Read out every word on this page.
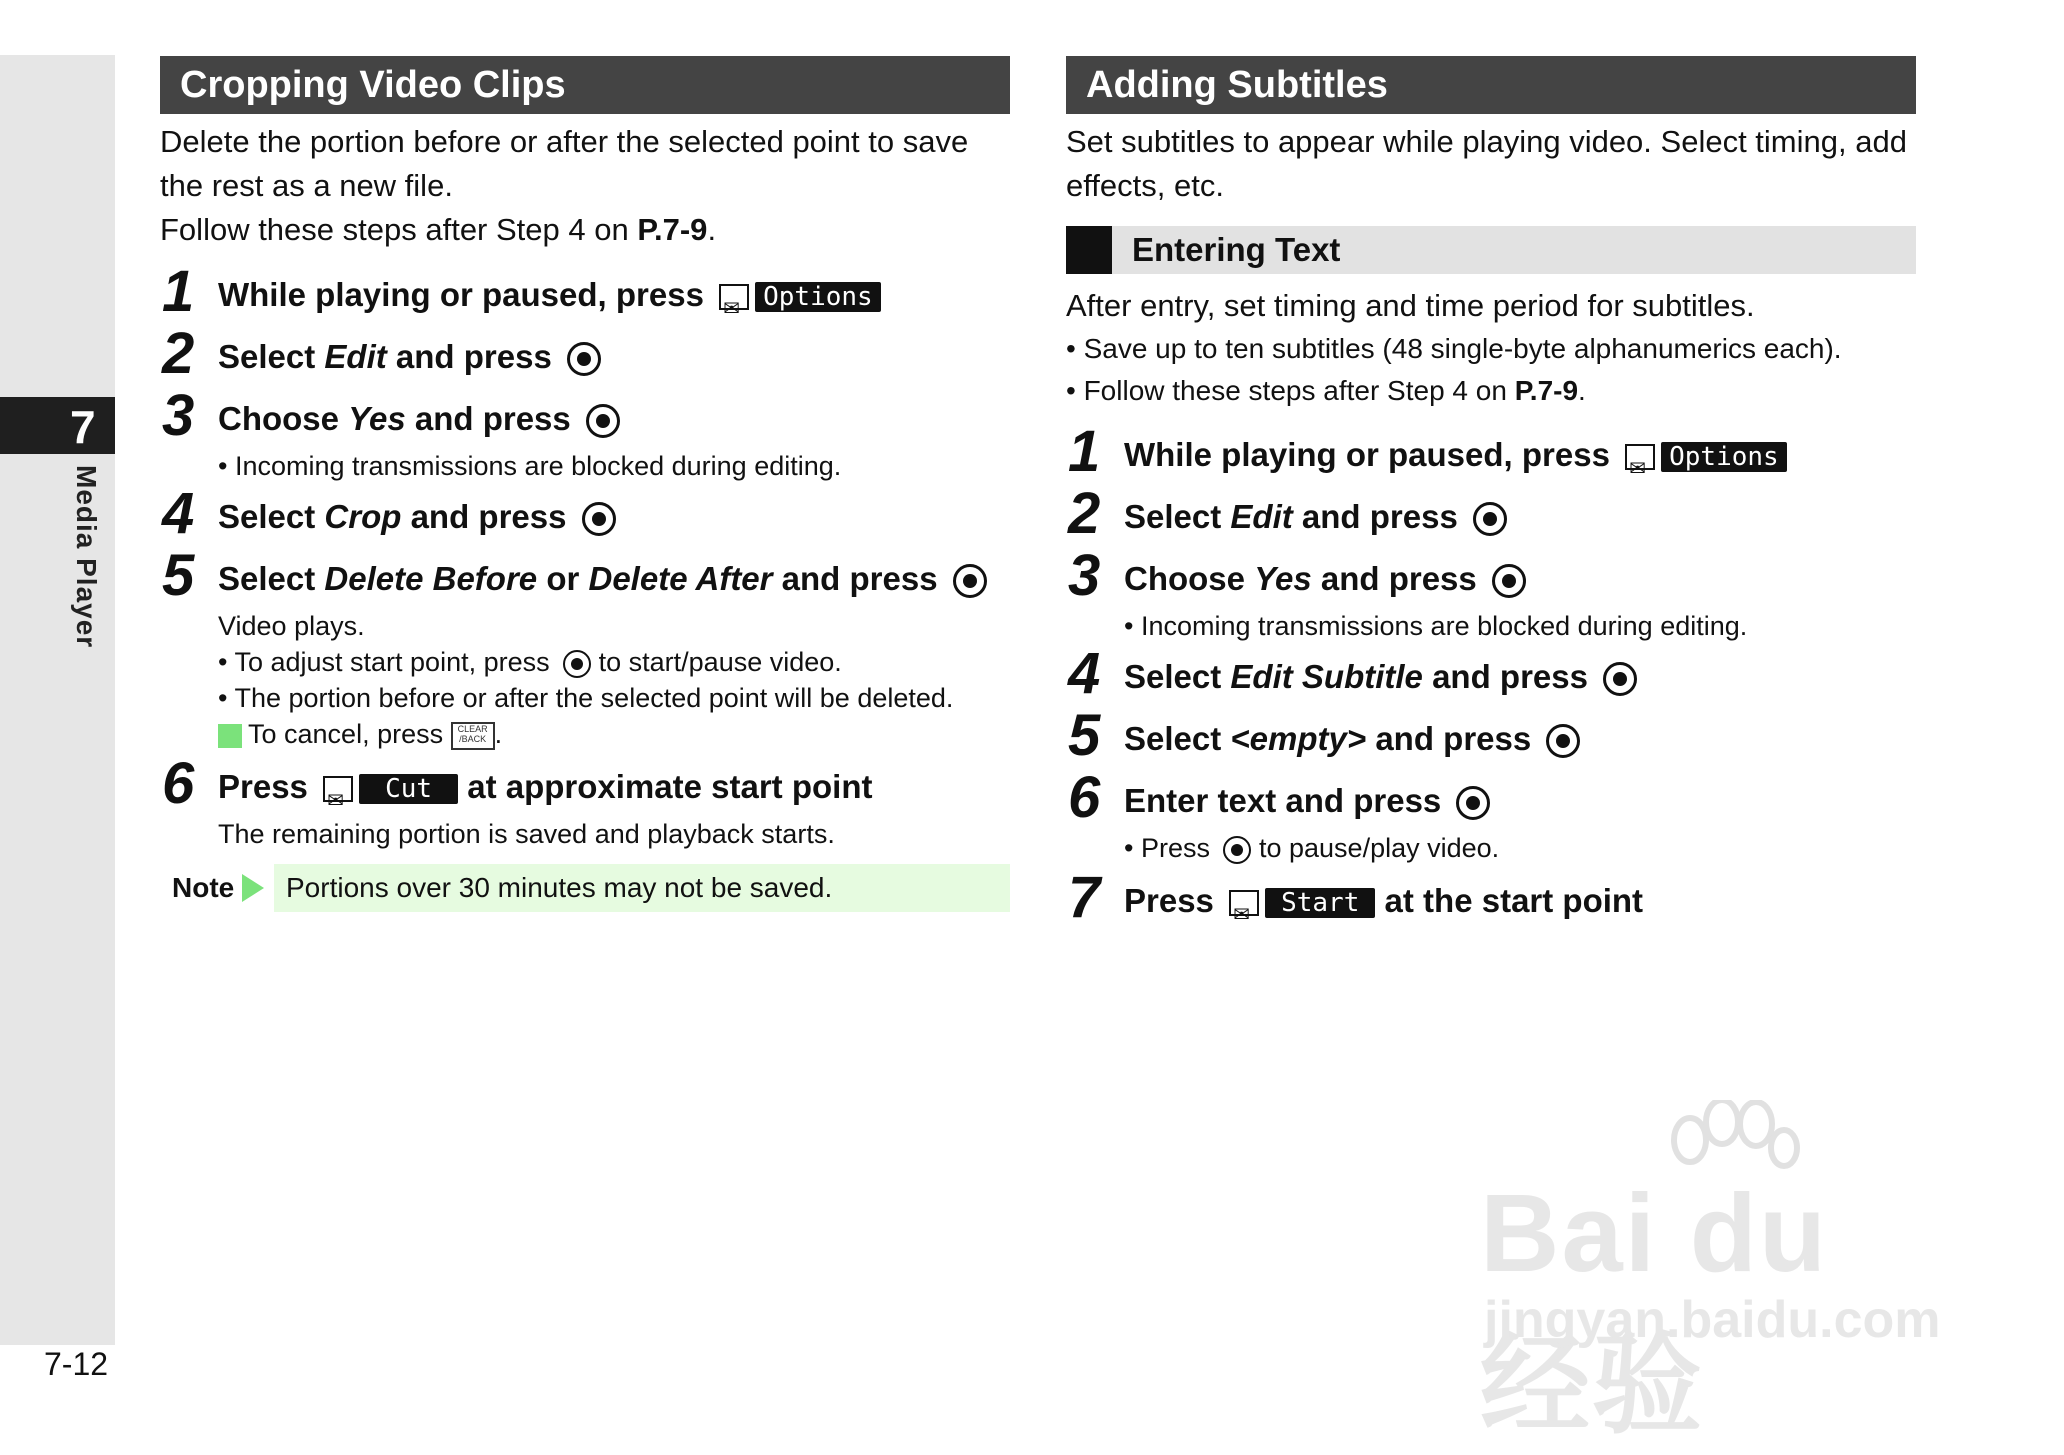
7
Media Player
7-12
Cropping Video Clips
Delete the portion before or after the selected point to save the rest as a new file.
Follow these steps after Step 4 on P.7-9.
1 While playing or paused, press ✉ Options
2 Select Edit and press
3 Choose Yes and press
• Incoming transmissions are blocked during editing.
4 Select Crop and press
5 Select Delete Before or Delete After and press
Video plays.
• To adjust start point, press  to start/pause video.
• The portion before or after the selected point will be deleted.
To cancel, press CLEAR /BACK .
6 Press ✉	Cut at approximate start point
The remaining portion is saved and playback starts.
Note	Portions over 30 minutes may not be saved.
Adding Subtitles
Set subtitles to appear while playing video. Select timing, add effects, etc.
Entering Text
After entry, set timing and time period for subtitles.
• Save up to ten subtitles (48 single-byte alphanumerics each).
• Follow these steps after Step 4 on P.7-9.
1 While playing or paused, press ✉ Options
2 Select Edit and press
3 Choose Yes and press
• Incoming transmissions are blocked during editing.
4 Select Edit Subtitle and press
5 Select <empty> and press
6 Enter text and press
• Press  to pause/play video.
7 Press ✉	Start at the start point
Bai du 经验
jingyan.baidu.com
